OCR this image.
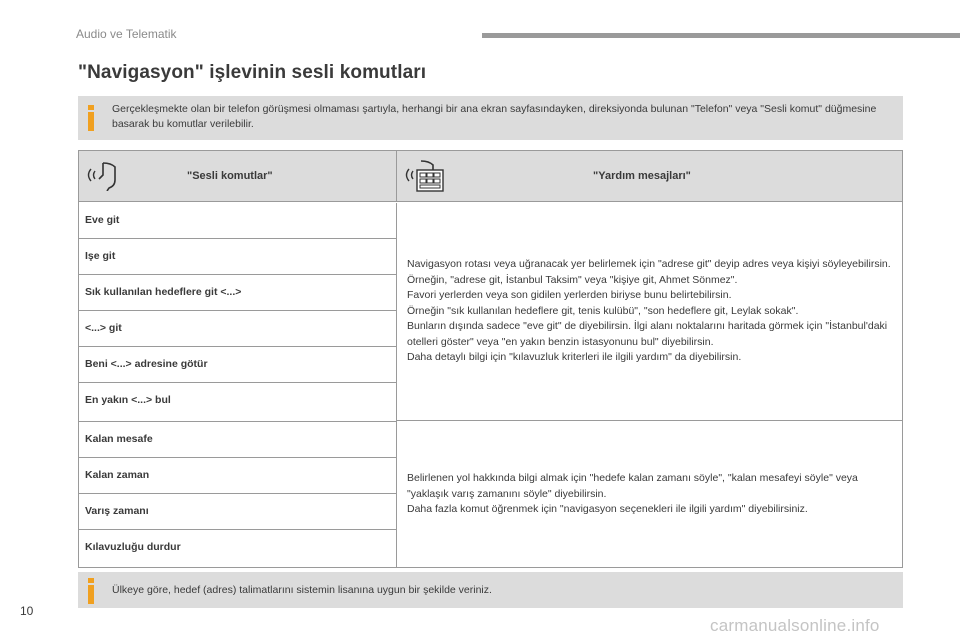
Audio ve Telematik
"Navigasyon" işlevinin sesli komutları
Gerçekleşmekte olan bir telefon görüşmesi olmaması şartıyla, herhangi bir ana ekran sayfasındayken, direksiyonda bulunan "Telefon" veya "Sesli komut" düğmesine basarak bu komutlar verilebilir.
"Sesli komutlar"	"Yardım mesajları"
Eve git
Işe git
Sık kullanılan hedeflere git <...>
<...> git
Beni <...> adresine götür
En yakın <...> bul
Navigasyon rotası veya uğranacak yer belirlemek için "adrese git" deyip adres veya kişiyi söyleyebilirsin.
Örneğin, "adrese git, İstanbul Taksim" veya "kişiye git, Ahmet Sönmez".
Favori yerlerden veya son gidilen yerlerden biriyse bunu belirtebilirsin.
Örneğin "sık kullanılan hedeflere git, tenis kulübü", "son hedeflere git, Leylak sokak".
Bunların dışında sadece "eve git" de diyebilirsin. İlgi alanı noktalarını haritada görmek için "İstanbul'daki otelleri göster" veya "en yakın benzin istasyonunu bul" diyebilirsin.
Daha detaylı bilgi için "kılavuzluk kriterleri ile ilgili yardım" da diyebilirsin.
Kalan mesafe
Kalan zaman
Varış zamanı
Kılavuzluğu durdur
Belirlenen yol hakkında bilgi almak için "hedefe kalan zamanı söyle", "kalan mesafeyi söyle" veya "yaklaşık varış zamanını söyle" diyebilirsin.
Daha fazla komut öğrenmek için "navigasyon seçenekleri ile ilgili yardım" diyebilirsiniz.
Ülkeye göre, hedef (adres) talimatlarını sistemin lisanına uygun bir şekilde veriniz.
10
carmanualsonline.info
